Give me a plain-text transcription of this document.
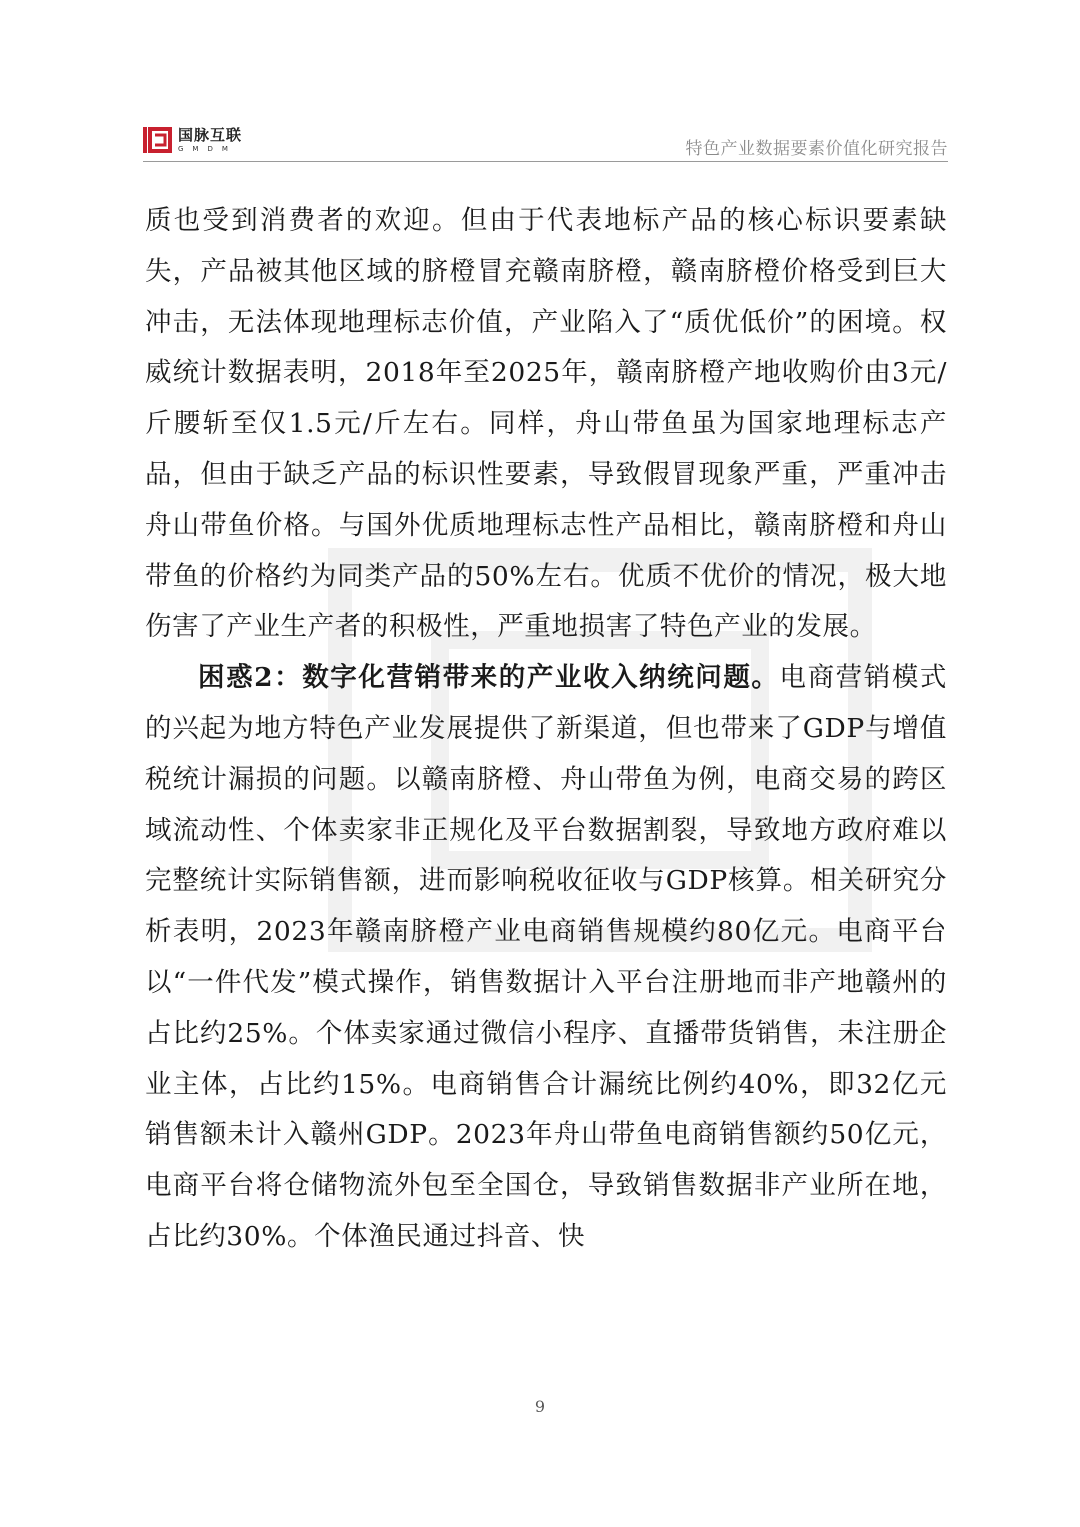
国脉互联
GMDM	特色产业数据要素价值化研究报告

质也受到消费者的欢迎。但由于代表地标产品的核心标识要素缺失，产品被其他区域的脐橙冒充赣南脐橙，赣南脐橙价格受到巨大冲击，无法体现地理标志价值，产业陷入了“质优低价”的困境。权威统计数据表明，2018年至2025年，赣南脐橙产地收购价由3元/斤腰斩至仅1.5元/斤左右。同样，舟山带鱼虽为国家地理标志产品，但由于缺乏产品的标识性要素，导致假冒现象严重，严重冲击舟山带鱼价格。与国外优质地理标志性产品相比，赣南脐橙和舟山带鱼的价格约为同类产品的50%左右。优质不优价的情况，极大地伤害了产业生产者的积极性，严重地损害了特色产业的发展。

困惑2：数字化营销带来的产业收入纳统问题。电商营销模式的兴起为地方特色产业发展提供了新渠道，但也带来了GDP与增值税统计漏损的问题。以赣南脐橙、舟山带鱼为例，电商交易的跨区域流动性、个体卖家非正规化及平台数据割裂，导致地方政府难以完整统计实际销售额，进而影响税收征收与GDP核算。相关研究分析表明，2023年赣南脐橙产业电商销售规模约80亿元。电商平台以“一件代发”模式操作，销售数据计入平台注册地而非产地赣州的占比约25%。个体卖家通过微信小程序、直播带货销售，未注册企业主体，占比约15%。电商销售合计漏统比例约40%，即32亿元销售额未计入赣州GDP。2023年舟山带鱼电商销售额约50亿元，电商平台将仓储物流外包至全国仓，导致销售数据非产业所在地，占比约30%。个体渔民通过抖音、快

9
